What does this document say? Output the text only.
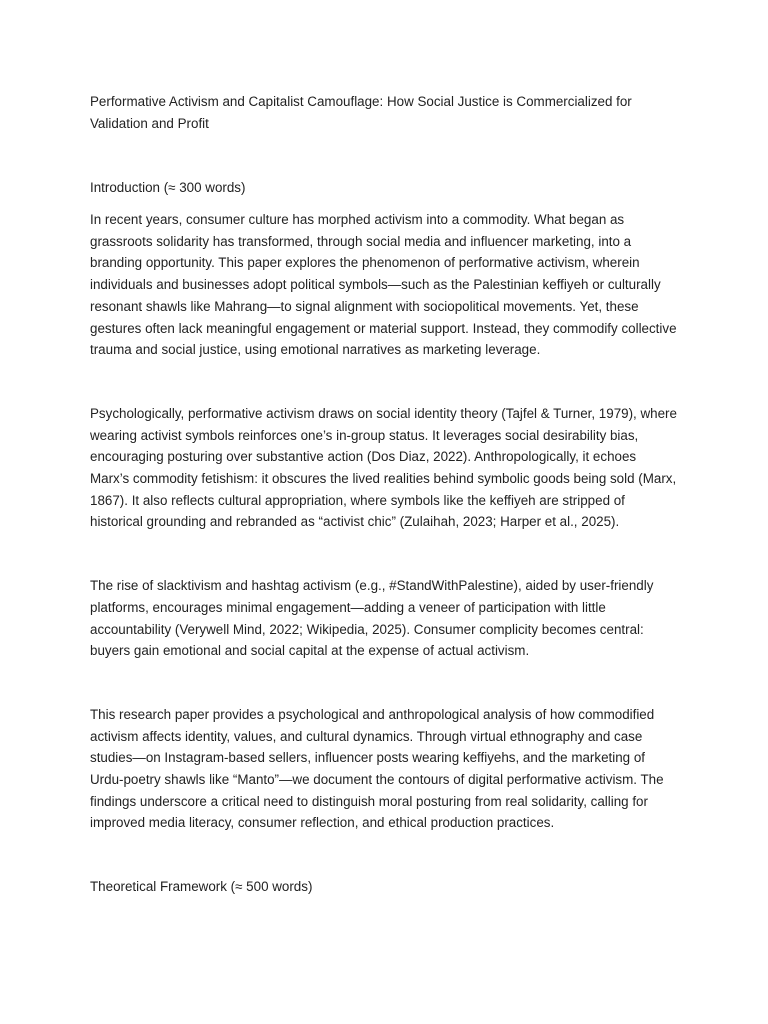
Performative Activism and Capitalist Camouflage: How Social Justice is Commercialized for Validation and Profit

Introduction (≈ 300 words)

In recent years, consumer culture has morphed activism into a commodity. What began as grassroots solidarity has transformed, through social media and influencer marketing, into a branding opportunity. This paper explores the phenomenon of performative activism, wherein individuals and businesses adopt political symbols—such as the Palestinian keffiyeh or culturally resonant shawls like Mahrang—to signal alignment with sociopolitical movements. Yet, these gestures often lack meaningful engagement or material support. Instead, they commodify collective trauma and social justice, using emotional narratives as marketing leverage.

Psychologically, performative activism draws on social identity theory (Tajfel & Turner, 1979), where wearing activist symbols reinforces one’s in-group status. It leverages social desirability bias, encouraging posturing over substantive action (Dos Diaz, 2022). Anthropologically, it echoes Marx’s commodity fetishism: it obscures the lived realities behind symbolic goods being sold (Marx, 1867). It also reflects cultural appropriation, where symbols like the keffiyeh are stripped of historical grounding and rebranded as “activist chic” (Zulaihah, 2023; Harper et al., 2025).

The rise of slacktivism and hashtag activism (e.g., #StandWithPalestine), aided by user-friendly platforms, encourages minimal engagement—adding a veneer of participation with little accountability (Verywell Mind, 2022; Wikipedia, 2025). Consumer complicity becomes central: buyers gain emotional and social capital at the expense of actual activism.

This research paper provides a psychological and anthropological analysis of how commodified activism affects identity, values, and cultural dynamics. Through virtual ethnography and case studies—on Instagram-based sellers, influencer posts wearing keffiyehs, and the marketing of Urdu-poetry shawls like “Manto”—we document the contours of digital performative activism. The findings underscore a critical need to distinguish moral posturing from real solidarity, calling for improved media literacy, consumer reflection, and ethical production practices.

Theoretical Framework (≈ 500 words)
